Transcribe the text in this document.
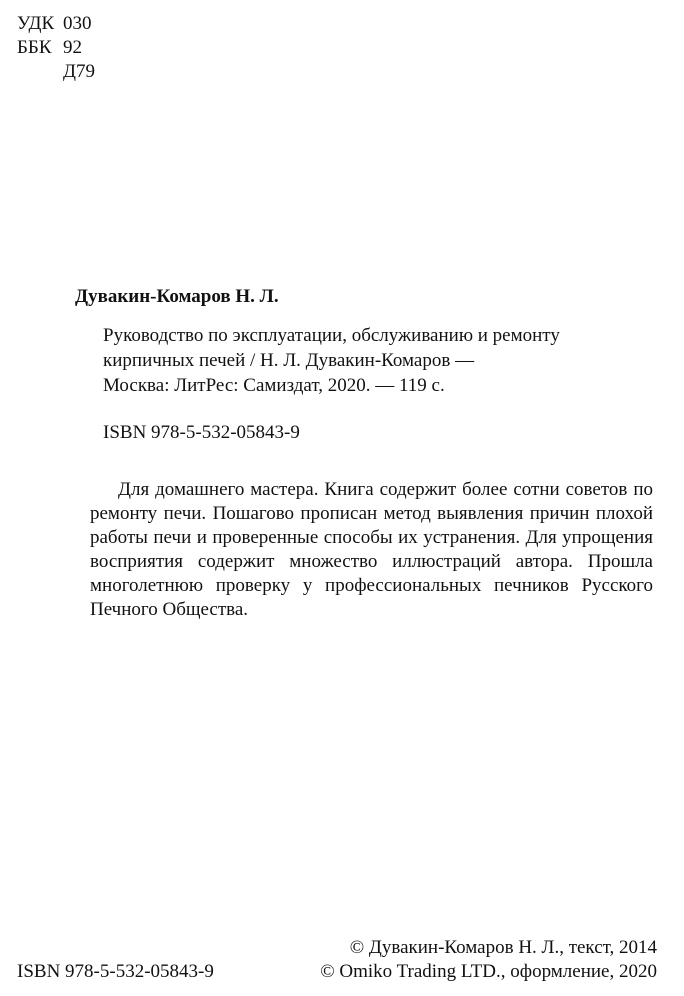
УДК 030
ББК 92
Д79
Дувакин-Комаров Н. Л.
Руководство по эксплуатации, обслуживанию и ремонту
кирпичных печей / Н. Л. Дувакин-Комаров —
Москва: ЛитРес: Самиздат, 2020. — 119 с.
ISBN 978-5-532-05843-9

Для домашнего мастера. Книга содержит более сотни советов по ремонту печи. Пошагово прописан метод выявления причин плохой работы печи и проверенные способы их устранения. Для упрощения восприятия содержит множество иллюстраций автора. Прошла многолетнюю проверку у профессиональных печников Русского Печного Общества.

ISBN 978-5-532-05843-9
© Дувакин-Комаров Н. Л., текст, 2014
© Omiko Trading LTD., оформление, 2020
